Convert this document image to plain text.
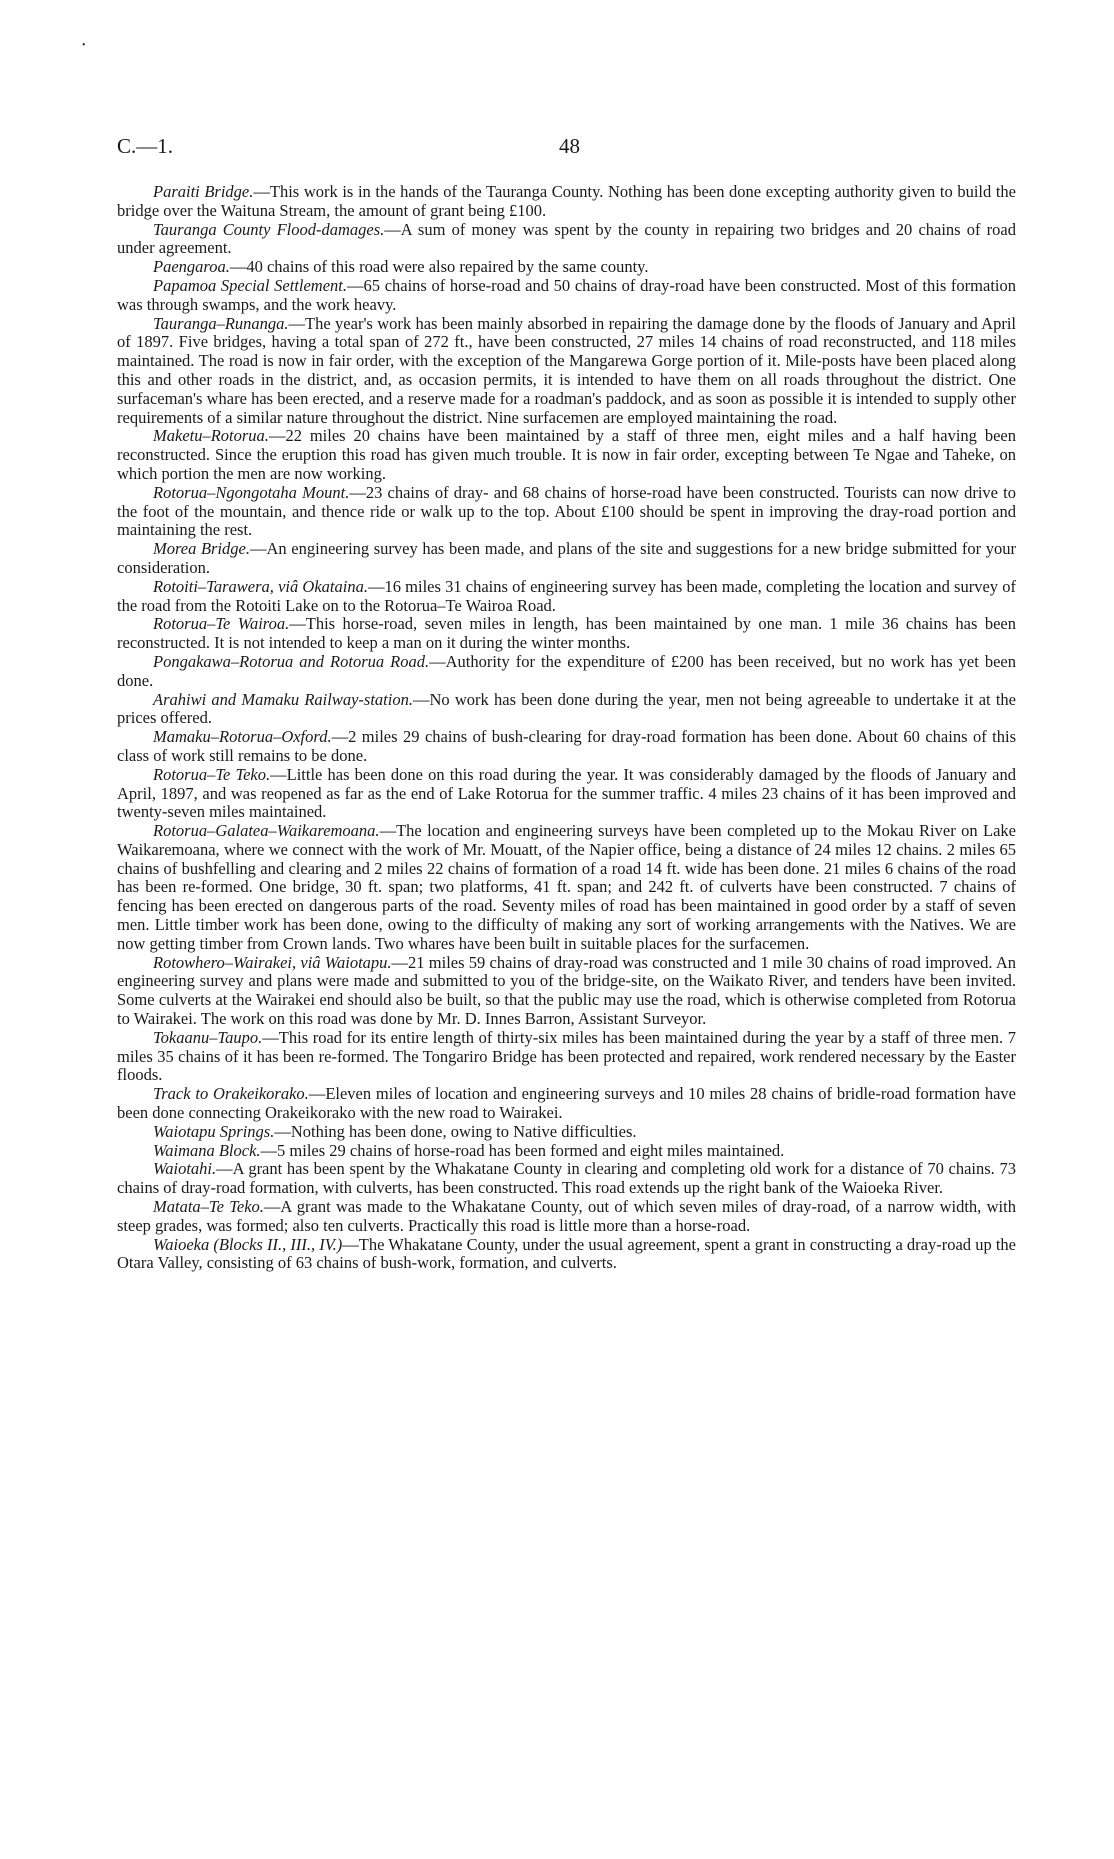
•
C.—1.	48

Paraiti Bridge.—This work is in the hands of the Tauranga County. Nothing has been done excepting authority given to build the bridge over the Waituna Stream, the amount of grant being £100.

Tauranga County Flood-damages.—A sum of money was spent by the county in repairing two bridges and 20 chains of road under agreement.

Paengaroa.—40 chains of this road were also repaired by the same county.

Papamoa Special Settlement.—65 chains of horse-road and 50 chains of dray-road have been constructed. Most of this formation was through swamps, and the work heavy.

Tauranga–Runanga.—The year's work has been mainly absorbed in repairing the damage done by the floods of January and April of 1897. Five bridges, having a total span of 272 ft., have been constructed, 27 miles 14 chains of road reconstructed, and 118 miles maintained. The road is now in fair order, with the exception of the Mangarewa Gorge portion of it. Mile-posts have been placed along this and other roads in the district, and, as occasion permits, it is intended to have them on all roads throughout the district. One surfaceman's whare has been erected, and a reserve made for a roadman's paddock, and as soon as possible it is intended to supply other requirements of a similar nature throughout the district. Nine surfacemen are employed maintaining the road.

Maketu–Rotorua.—22 miles 20 chains have been maintained by a staff of three men, eight miles and a half having been reconstructed. Since the eruption this road has given much trouble. It is now in fair order, excepting between Te Ngae and Taheke, on which portion the men are now working.

Rotorua–Ngongotaha Mount.—23 chains of dray- and 68 chains of horse-road have been constructed. Tourists can now drive to the foot of the mountain, and thence ride or walk up to the top. About £100 should be spent in improving the dray-road portion and maintaining the rest.

Morea Bridge.—An engineering survey has been made, and plans of the site and suggestions for a new bridge submitted for your consideration.

Rotoiti–Tarawera, viâ Okataina.—16 miles 31 chains of engineering survey has been made, completing the location and survey of the road from the Rotoiti Lake on to the Rotorua–Te Wairoa Road.

Rotorua–Te Wairoa.—This horse-road, seven miles in length, has been maintained by one man. 1 mile 36 chains has been reconstructed. It is not intended to keep a man on it during the winter months.

Pongakawa–Rotorua and Rotorua Road.—Authority for the expenditure of £200 has been received, but no work has yet been done.

Arahiwi and Mamaku Railway-station.—No work has been done during the year, men not being agreeable to undertake it at the prices offered.

Mamaku–Rotorua–Oxford.—2 miles 29 chains of bush-clearing for dray-road formation has been done. About 60 chains of this class of work still remains to be done.

Rotorua–Te Teko.—Little has been done on this road during the year. It was considerably damaged by the floods of January and April, 1897, and was reopened as far as the end of Lake Rotorua for the summer traffic. 4 miles 23 chains of it has been improved and twenty-seven miles maintained.

Rotorua–Galatea–Waikaremoana.—The location and engineering surveys have been completed up to the Mokau River on Lake Waikaremoana, where we connect with the work of Mr. Mouatt, of the Napier office, being a distance of 24 miles 12 chains. 2 miles 65 chains of bushfelling and clearing and 2 miles 22 chains of formation of a road 14 ft. wide has been done. 21 miles 6 chains of the road has been re-formed. One bridge, 30 ft. span; two platforms, 41 ft. span; and 242 ft. of culverts have been constructed. 7 chains of fencing has been erected on dangerous parts of the road. Seventy miles of road has been maintained in good order by a staff of seven men. Little timber work has been done, owing to the difficulty of making any sort of working arrangements with the Natives. We are now getting timber from Crown lands. Two whares have been built in suitable places for the surfacemen.

Rotowhero–Wairakei, viâ Waiotapu.—21 miles 59 chains of dray-road was constructed and 1 mile 30 chains of road improved. An engineering survey and plans were made and submitted to you of the bridge-site, on the Waikato River, and tenders have been invited. Some culverts at the Wairakei end should also be built, so that the public may use the road, which is otherwise completed from Rotorua to Wairakei. The work on this road was done by Mr. D. Innes Barron, Assistant Surveyor.

Tokaanu–Taupo.—This road for its entire length of thirty-six miles has been maintained during the year by a staff of three men. 7 miles 35 chains of it has been re-formed. The Tongariro Bridge has been protected and repaired, work rendered necessary by the Easter floods.

Track to Orakeikorako.—Eleven miles of location and engineering surveys and 10 miles 28 chains of bridle-road formation have been done connecting Orakeikorako with the new road to Wairakei.

Waiotapu Springs.—Nothing has been done, owing to Native difficulties.

Waimana Block.—5 miles 29 chains of horse-road has been formed and eight miles maintained.

Waiotahi.—A grant has been spent by the Whakatane County in clearing and completing old work for a distance of 70 chains. 73 chains of dray-road formation, with culverts, has been constructed. This road extends up the right bank of the Waioeka River.

Matata–Te Teko.—A grant was made to the Whakatane County, out of which seven miles of dray-road, of a narrow width, with steep grades, was formed; also ten culverts. Practically this road is little more than a horse-road.

Waioeka (Blocks II., III., IV.)—The Whakatane County, under the usual agreement, spent a grant in constructing a dray-road up the Otara Valley, consisting of 63 chains of bush-work, formation, and culverts.
